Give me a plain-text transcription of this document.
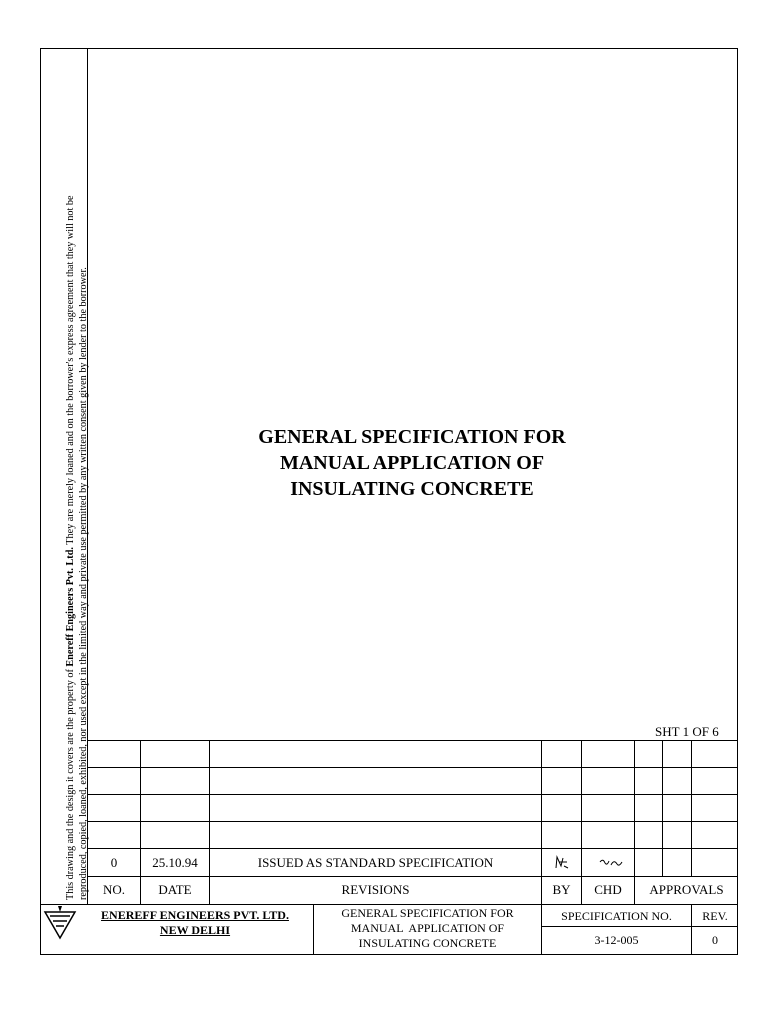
This drawing and the design it covers are the property of Enereff Engineers Pvt. Ltd. They are merely loaned and on the borrower's express agreement that they will not be reproduced, copied, loaned, exhibited, nor used except in the limited way and private use permitted by any written consent given by lender to the borrower.	GENERAL SPECIFICATION FOR
MANUAL APPLICATION OF
INSULATING CONCRETE
SHT 1 OF 6
0	25.10.94	ISSUED AS STANDARD SPECIFICATION
NO.	DATE	REVISIONS	BY	CHD	APPROVALS
ENEREFF ENGINEERS PVT. LTD.
NEW DELHI
GENERAL SPECIFICATION FOR
MANUAL  APPLICATION OF
INSULATING CONCRETE
SPECIFICATION NO.	REV.
3-12-005	0
